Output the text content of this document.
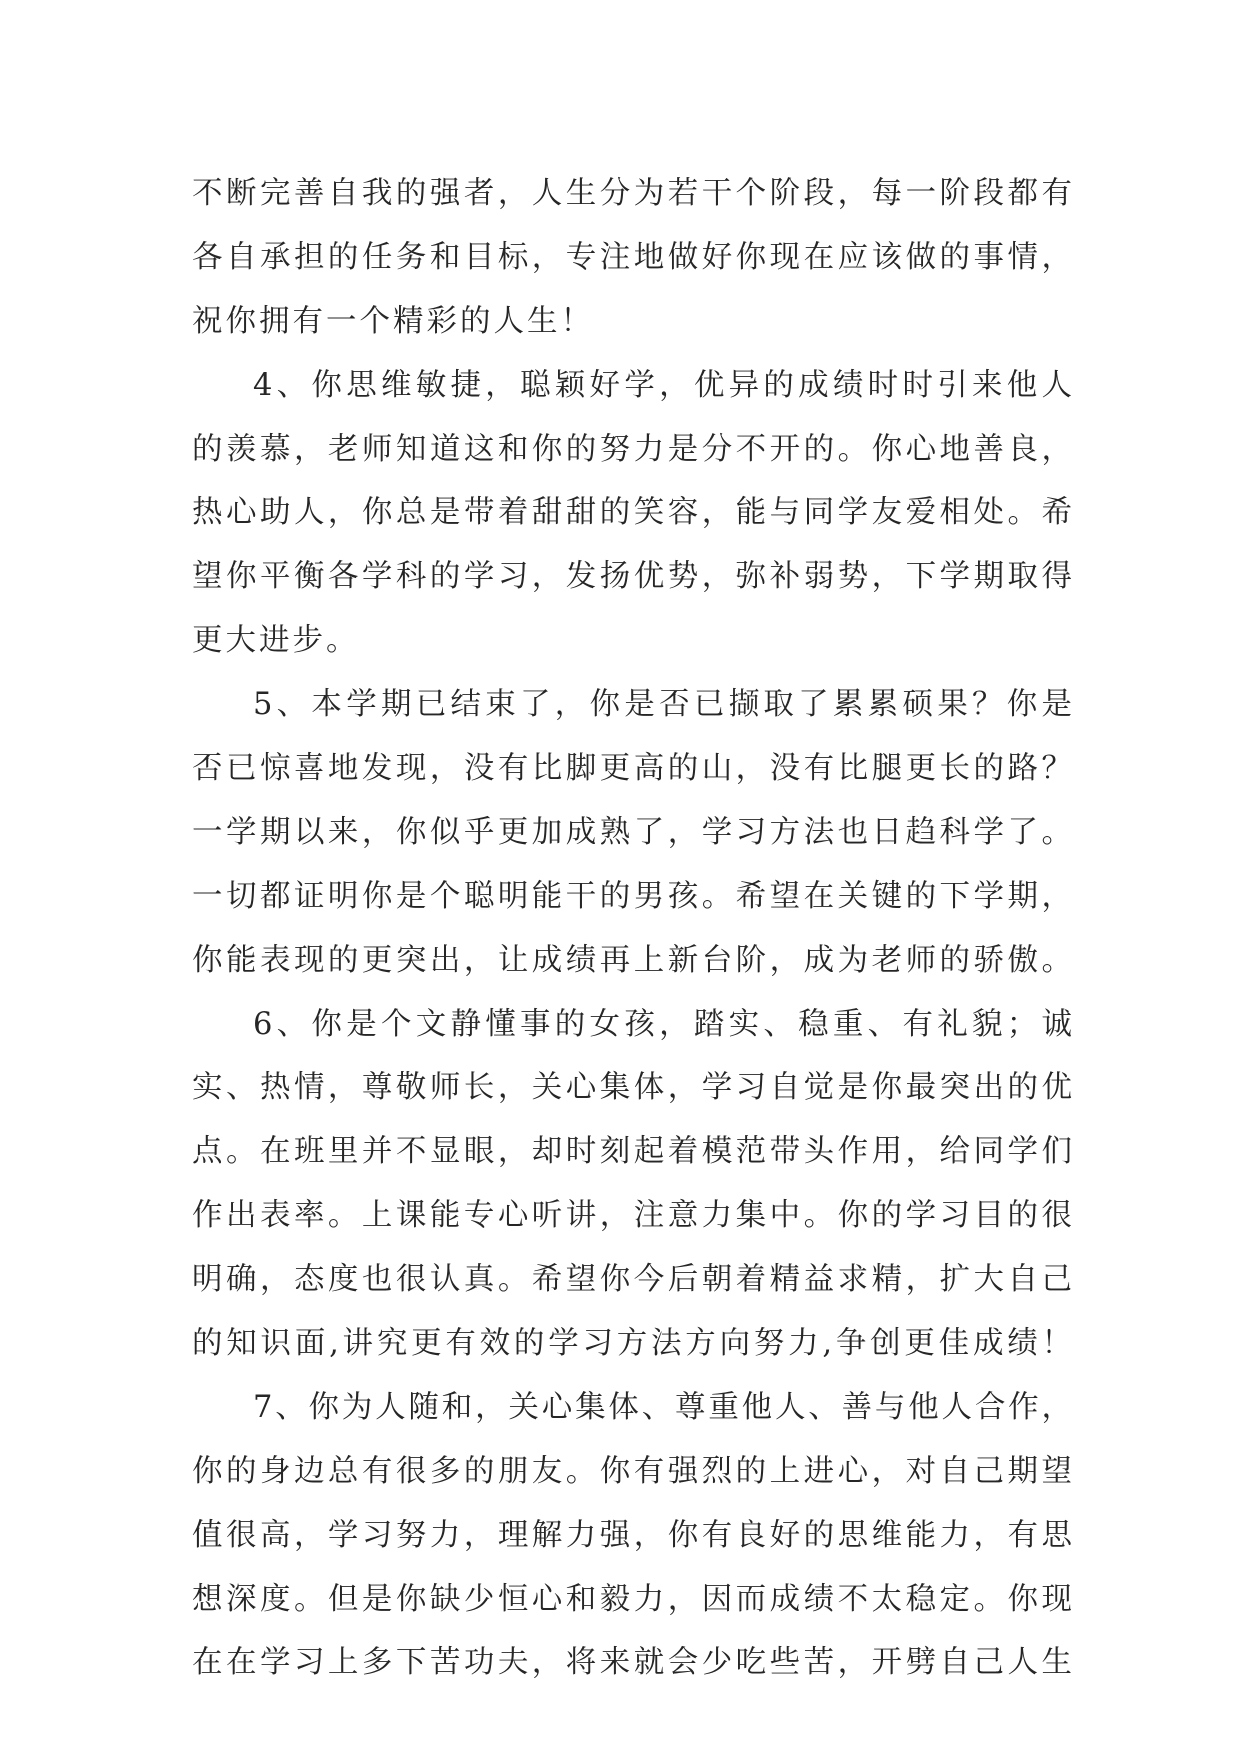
不断完善自我的强者，人生分为若干个阶段，每一阶段都有
各自承担的任务和目标，专注地做好你现在应该做的事情，
祝你拥有一个精彩的人生！
4、你思维敏捷，聪颖好学，优异的成绩时时引来他人
的羡慕，老师知道这和你的努力是分不开的。你心地善良，
热心助人，你总是带着甜甜的笑容，能与同学友爱相处。希
望你平衡各学科的学习，发扬优势，弥补弱势，下学期取得
更大进步。
5、本学期已结束了，你是否已撷取了累累硕果？你是
否已惊喜地发现，没有比脚更高的山，没有比腿更长的路？
一学期以来，你似乎更加成熟了，学习方法也日趋科学了。
一切都证明你是个聪明能干的男孩。希望在关键的下学期，
你能表现的更突出，让成绩再上新台阶，成为老师的骄傲。
6、你是个文静懂事的女孩，踏实、稳重、有礼貌；诚
实、热情，尊敬师长，关心集体，学习自觉是你最突出的优
点。在班里并不显眼，却时刻起着模范带头作用，给同学们
作出表率。上课能专心听讲，注意力集中。你的学习目的很
明确，态度也很认真。希望你今后朝着精益求精，扩大自己
的知识面,讲究更有效的学习方法方向努力,争创更佳成绩！
7、你为人随和，关心集体、尊重他人、善与他人合作，
你的身边总有很多的朋友。你有强烈的上进心，对自己期望
值很高，学习努力，理解力强，你有良好的思维能力，有思
想深度。但是你缺少恒心和毅力，因而成绩不太稳定。你现
在在学习上多下苦功夫，将来就会少吃些苦，开劈自己人生
